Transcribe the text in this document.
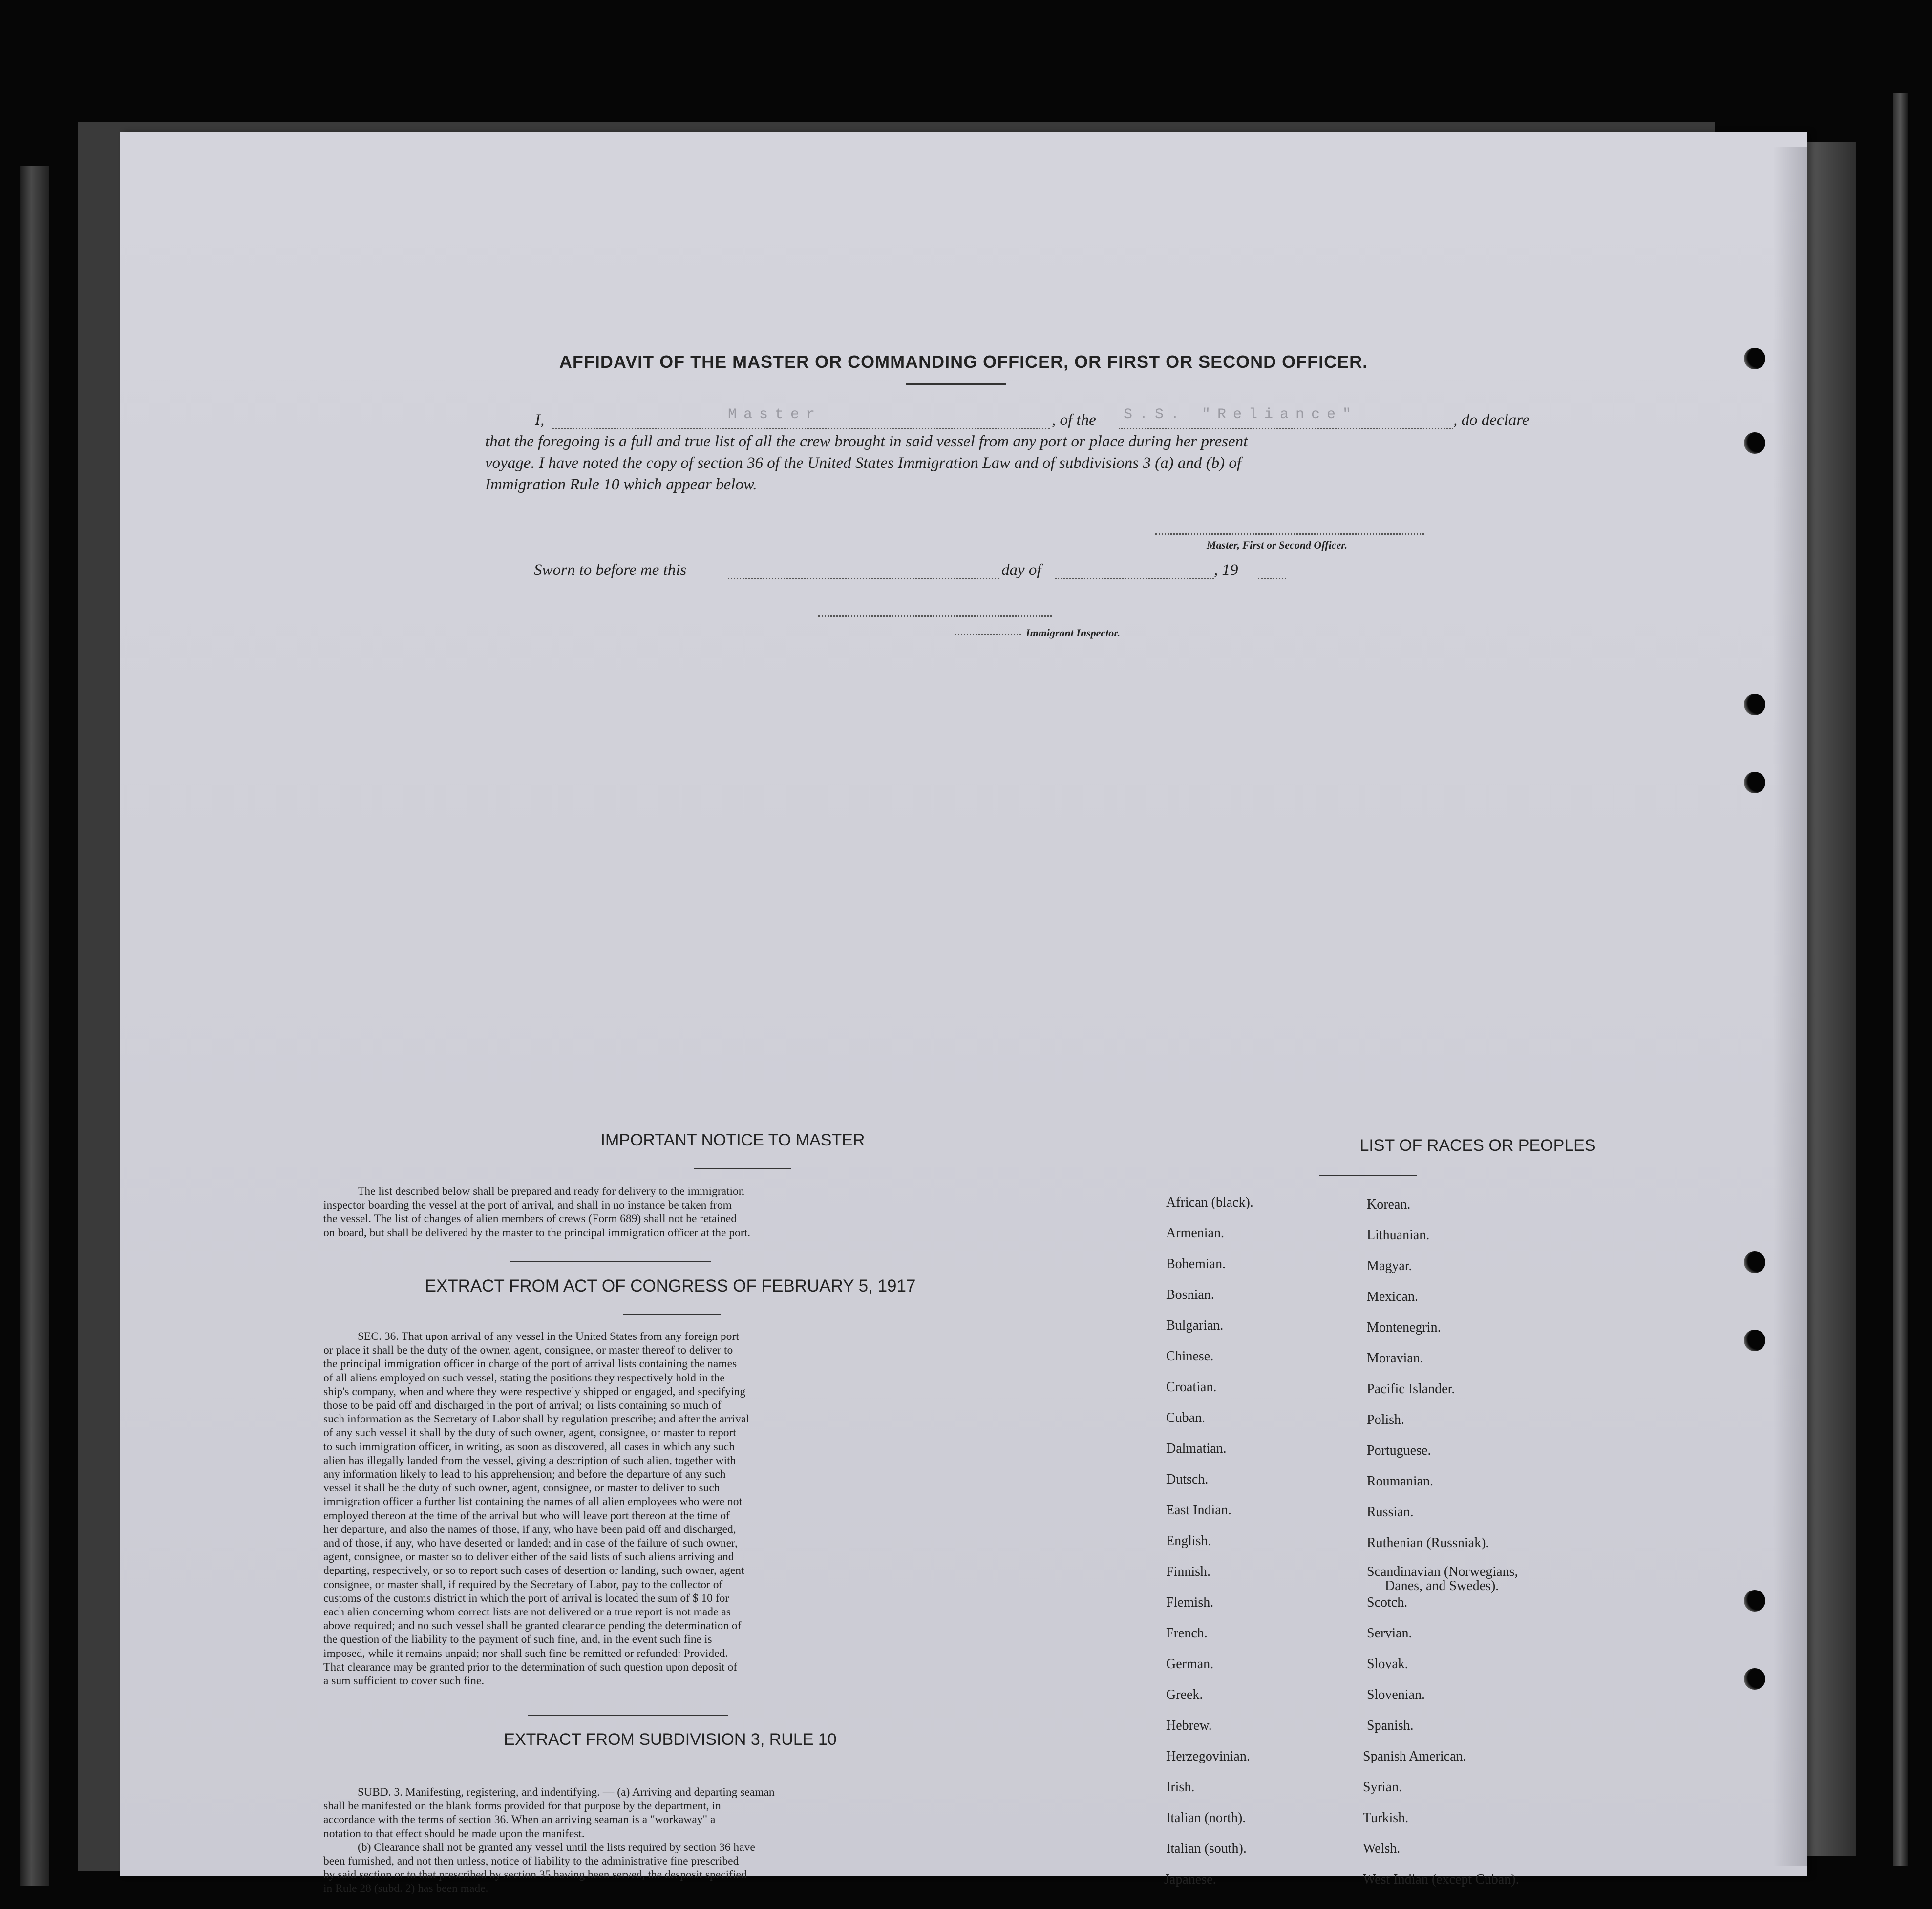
AFFIDAVIT OF THE MASTER OR COMMANDING OFFICER, OR FIRST OR SECOND OFFICER.
I,	Master	, of the S.S. "Reliance"	, do declare
that the foregoing is a full and true list of all the crew brought in said vessel from any port or place during her present
voyage. I have noted the copy of section 36 of the United States Immigration Law and of subdivisions 3 (a) and (b) of
Immigration Rule 10 which appear below.
Master, First or Second Officer.
Sworn to before me this	day of	, 19
Immigrant Inspector.
IMPORTANT NOTICE TO MASTER
The list described below shall be prepared and ready for delivery to the immigration
inspector boarding the vessel at the port of arrival, and shall in no instance be taken from
the vessel. The list of changes of alien members of crews (Form 689) shall not be retained
on board, but shall be delivered by the master to the principal immigration officer at the port.
EXTRACT FROM ACT OF CONGRESS OF FEBRUARY 5, 1917
SEC. 36. That upon arrival of any vessel in the United States from any foreign port
or place it shall be the duty of the owner, agent, consignee, or master thereof to deliver to
the principal immigration officer in charge of the port of arrival lists containing the names
of all aliens employed on such vessel, stating the positions they respectively hold in the
ship's company, when and where they were respectively shipped or engaged, and specifying
those to be paid off and discharged in the port of arrival; or lists containing so much of
such information as the Secretary of Labor shall by regulation prescribe; and after the arrival
of any such vessel it shall by the duty of such owner, agent, consignee, or master to report
to such immigration officer, in writing, as soon as discovered, all cases in which any such
alien has illegally landed from the vessel, giving a description of such alien, together with
any information likely to lead to his apprehension; and before the departure of any such
vessel it shall be the duty of such owner, agent, consignee, or master to deliver to such
immigration officer a further list containing the names of all alien employees who were not
employed thereon at the time of the arrival but who will leave port thereon at the time of
her departure, and also the names of those, if any, who have been paid off and discharged,
and of those, if any, who have deserted or landed; and in case of the failure of such owner,
agent, consignee, or master so to deliver either of the said lists of such aliens arriving and
departing, respectively, or so to report such cases of desertion or landing, such owner, agent
consignee, or master shall, if required by the Secretary of Labor, pay to the collector of
customs of the customs district in which the port of arrival is located the sum of $ 10 for
each alien concerning whom correct lists are not delivered or a true report is not made as
above required; and no such vessel shall be granted clearance pending the determination of
the question of the liability to the payment of such fine, and, in the event such fine is
imposed, while it remains unpaid; nor shall such fine be remitted or refunded: Provided.
That clearance may be granted prior to the determination of such question upon deposit of
a sum sufficient to cover such fine.
EXTRACT FROM SUBDIVISION 3, RULE 10
SUBD. 3. Manifesting, registering, and indentifying. — (a) Arriving and departing seaman
shall be manifested on the blank forms provided for that purpose by the department, in
accordance with the terms of section 36. When an arriving seaman is a "workaway" a
notation to that effect should be made upon the manifest.
(b) Clearance shall not be granted any vessel until the lists required by section 36 have
been furnished, and not then unless, notice of liability to the administrative fine prescribed
by said section or to that prescribed by section 35 having been served, the desposit specified
in Rule 28 (subd. 2) has been made.
LIST OF RACES OR PEOPLES
African (black).
Armenian.
Bohemian.
Bosnian.
Bulgarian.
Chinese.
Croatian.
Cuban.
Dalmatian.
Dutsch.
East Indian.
English.
Finnish.
Flemish.
French.
German.
Greek.
Hebrew.
Herzegovinian.
Irish.
Italian (north).
Italian (south).
Japanese.
Korean.
Lithuanian.
Magyar.
Mexican.
Montenegrin.
Moravian.
Pacific Islander.
Polish.
Portuguese.
Roumanian.
Russian.
Ruthenian (Russniak).
Scandinavian (Norwegians,
Danes, and Swedes).
Scotch.
Servian.
Slovak.
Slovenian.
Spanish.
Spanish American.
Syrian.
Turkish.
Welsh.
West Indian (except Cuban).
